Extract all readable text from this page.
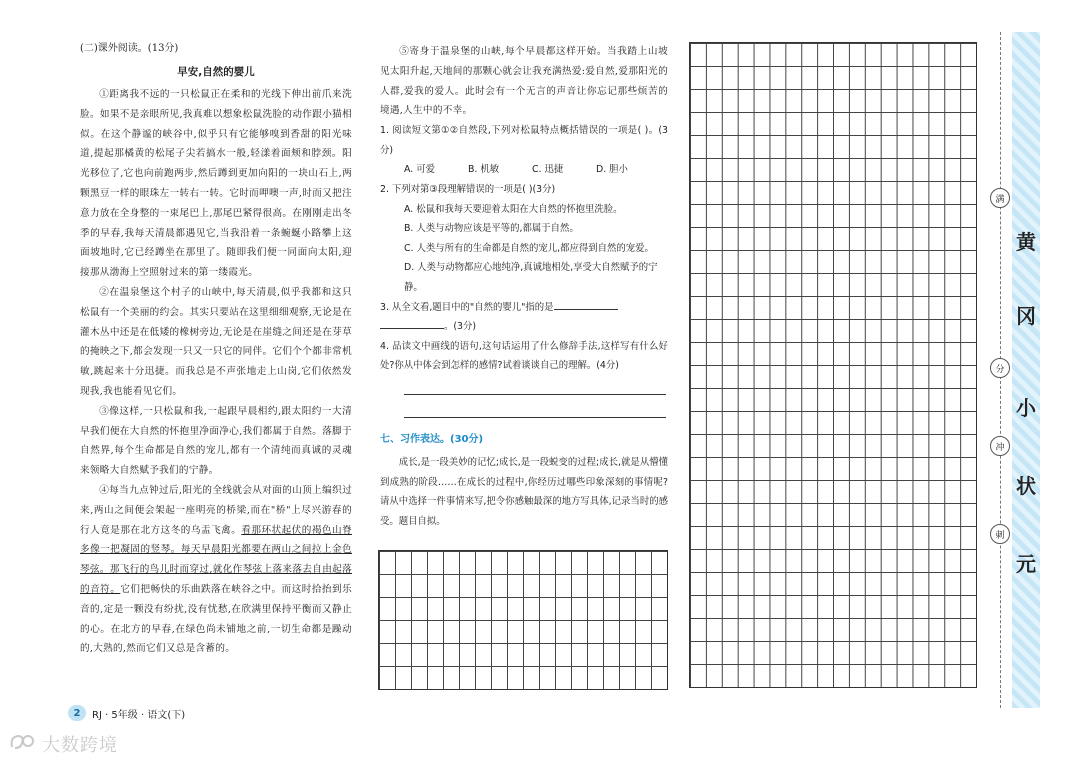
(二)课外阅读。(13分)

早安,自然的婴儿

①距离我不远的一只松鼠正在柔和的光线下伸出前爪来洗脸。如果不是亲眼所见,我真难以想象松鼠洗脸的动作跟小猫相似。在这个静谧的峡谷中,似乎只有它能够嗅到香甜的阳光味道,提起那橘黄的松尾子尖若搞水一般,轻漾着面颊和脖颈。阳光移位了,它也向前跑两步,然后蹲到更加向阳的一块山石上,两颗黑豆一样的眼珠左一转右一转。它时而呷噢一声,时而又把注意力放在全身整的一束尾巴上,那尾巴紧得很高。在刚刚走出冬季的早春,我每天清晨都遇见它,当我沿着一条蜿蜒小路攀上这面坡地时,它已经蹲坐在那里了。随即我们便一同面向太阳,迎接那从渤海上空照射过来的第一缕霞光。

②在温泉堡这个村子的山峡中,每天清晨,似乎我都和这只松鼠有一个美丽的约会。其实只要站在这里细细观察,无论是在灌木丛中还是在低矮的橡树旁边,无论是在崖缝之间还是在芽草的掩映之下,都会发现一只又一只它的同伴。它们个个都非常机敏,跳起来十分迅捷。而我总是不声张地走上山岗,它们依然发现我,我也能看见它们。

③像这样,一只松鼠和我,一起跟早晨相约,跟太阳约一大清早我们便在大自然的怀抱里净面净心,我们都属于自然。落脚于自然界,每个生命都是自然的宠儿,都有一个清纯而真诚的灵魂来领略大自然赋予我们的宁静。

④每当九点钟过后,阳光的全线就会从对面的山顶上编织过来,两山之间便会架起一座明亮的桥梁,而在"桥"上尽兴游春的行人竟是那在北方这冬的乌盂飞禽。看那环状起伏的褐色山脊多像一把凝固的竖琴。每天早晨阳光都要在两山之间拉上金色琴弦。那飞行的鸟儿时而穿过,就化作琴弦上落来落去自由起落的音符。它们把畅快的乐曲跌落在峡谷之中。而这时拾抬到乐音的,定是一颗没有纷扰,没有忧愁,在欣满里保持平衡而又静止的心。在北方的早春,在绿色尚未铺地之前,一切生命都是躁动的,大熟的,然而它们又总是含蓄的。

⑤寄身于温泉堡的山峡,每个早晨都这样开始。当我踏上山坡见太阳升起,天地间的那颗心就会让我充满热爱:爱自然,爱那阳光的人群,爱我的爱人。此时会有一个无言的声音让你忘记那些烦苦的境遇,人生中的不幸。

1. 阅读短文第①②自然段,下列对松鼠特点概括错误的一项是( )。(3分)

A. 可爱	B. 机敏	C. 迅捷	D. 胆小

2. 下列对第③段理解错误的一项是( )(3分)

A. 松鼠和我每天要迎着太阳在大自然的怀抱里洗脸。

B. 人类与动物应该是平等的,都属于自然。

C. 人类与所有的生命都是自然的宠儿,都应得到自然的宠爱。

D. 人类与动物都应心地纯净,真诚地相处,享受大自然赋予的宁静。

3. 从全文看,题目中的"自然的婴儿"指的是
。(3分)

4. 品读文中画线的语句,这句话运用了什么修辞手法,这样写有什么好处?你从中体会到怎样的感情?试着谈谈自己的理解。(4分)

七、习作表达。(30分)

成长,是一段美妙的记忆;成长,是一段蜕变的过程;成长,就是从懵懂到成熟的阶段……在成长的过程中,你经历过哪些印象深刻的事情呢?请从中选择一件事情来写,把令你感触最深的地方写具体,记录当时的感受。题目自拟。

2	RJ · 5年级 · 语文(下)
大数跨境
黄
冈
小
状
元
满
分
冲
刺
